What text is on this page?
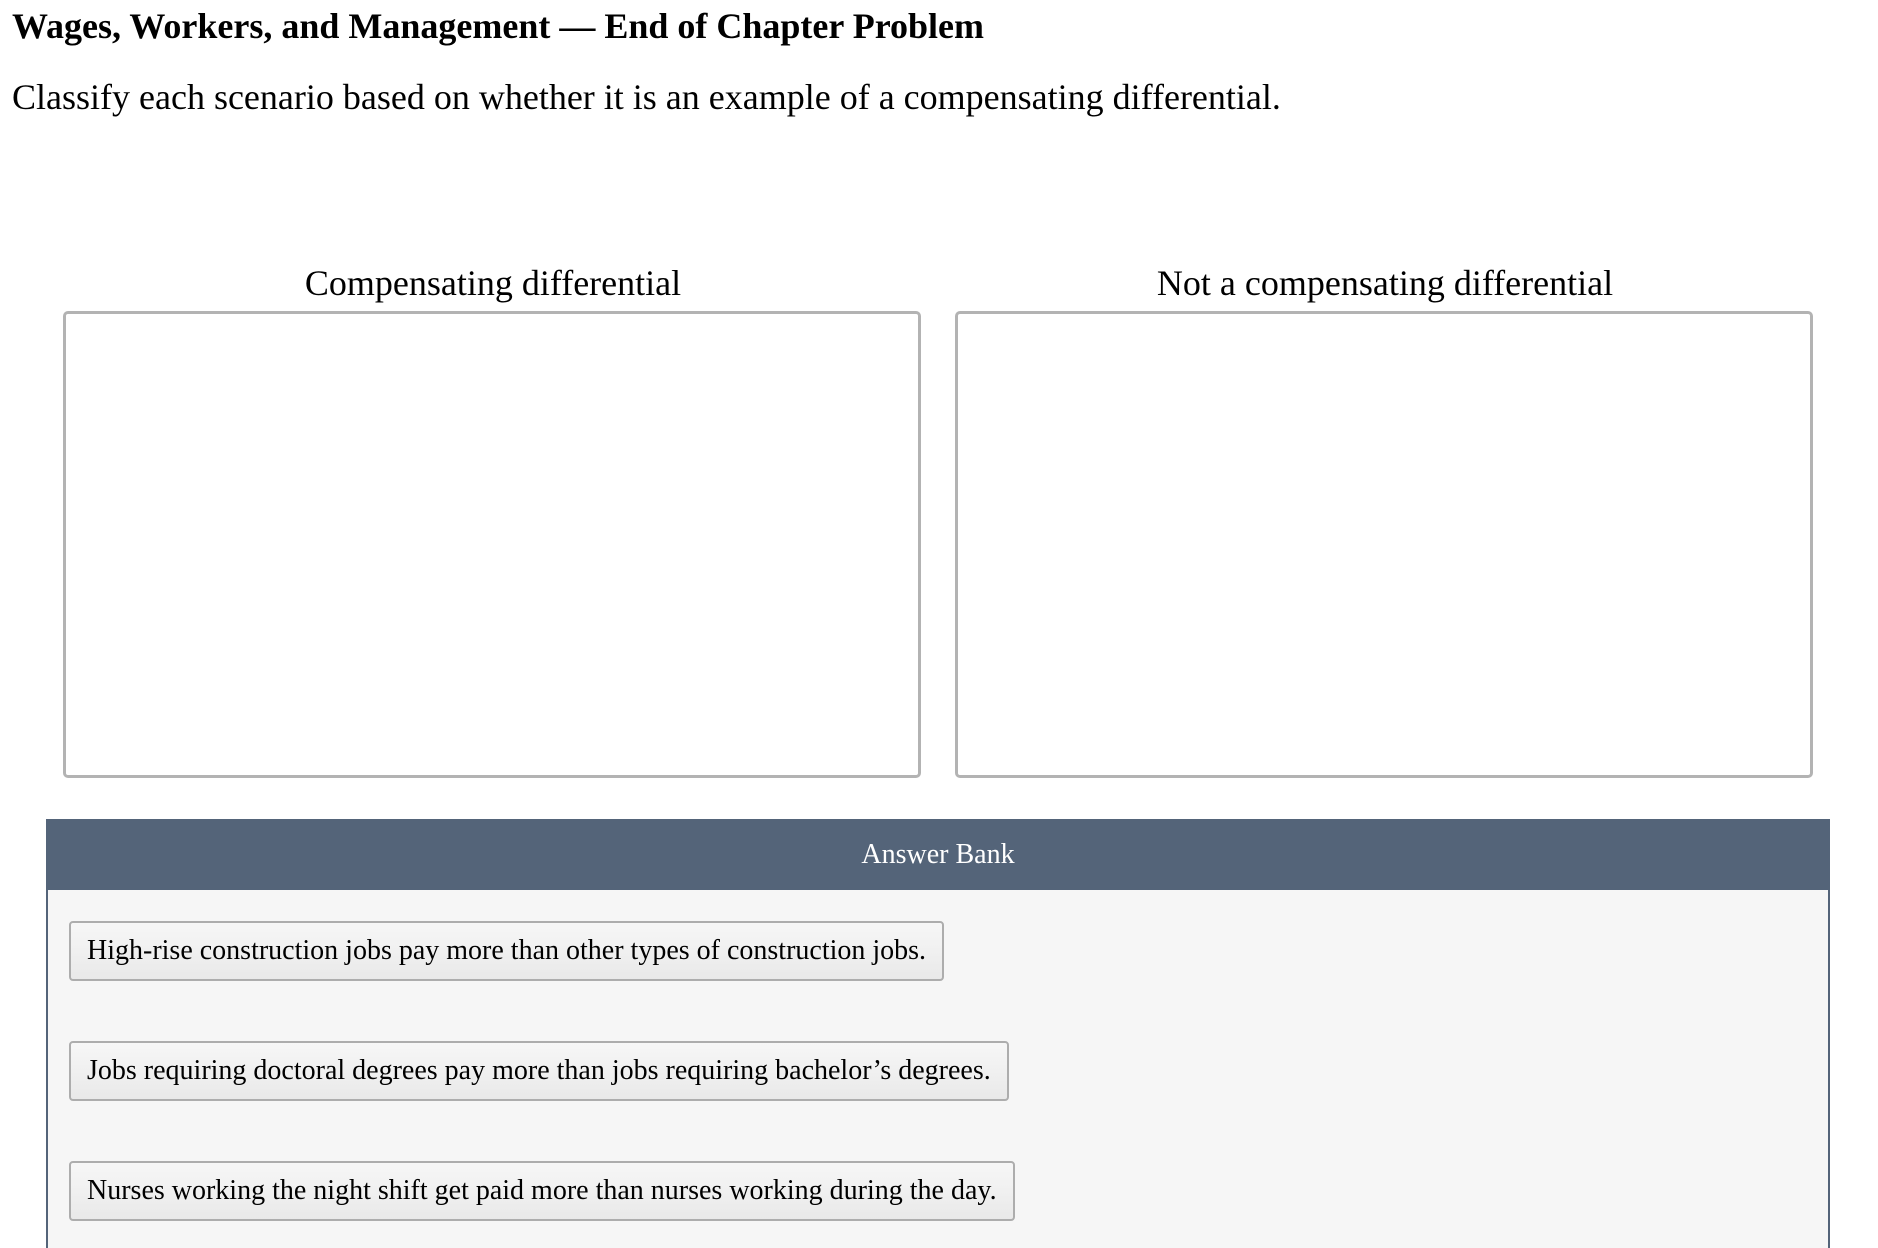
Wages, Workers, and Management — End of Chapter Problem

Classify each scenario based on whether it is an example of a compensating differential.

Compensating differential	Not a compensating differential
Answer Bank
High-rise construction jobs pay more than other types of construction jobs.
Jobs requiring doctoral degrees pay more than jobs requiring bachelor’s degrees.
Nurses working the night shift get paid more than nurses working during the day.
